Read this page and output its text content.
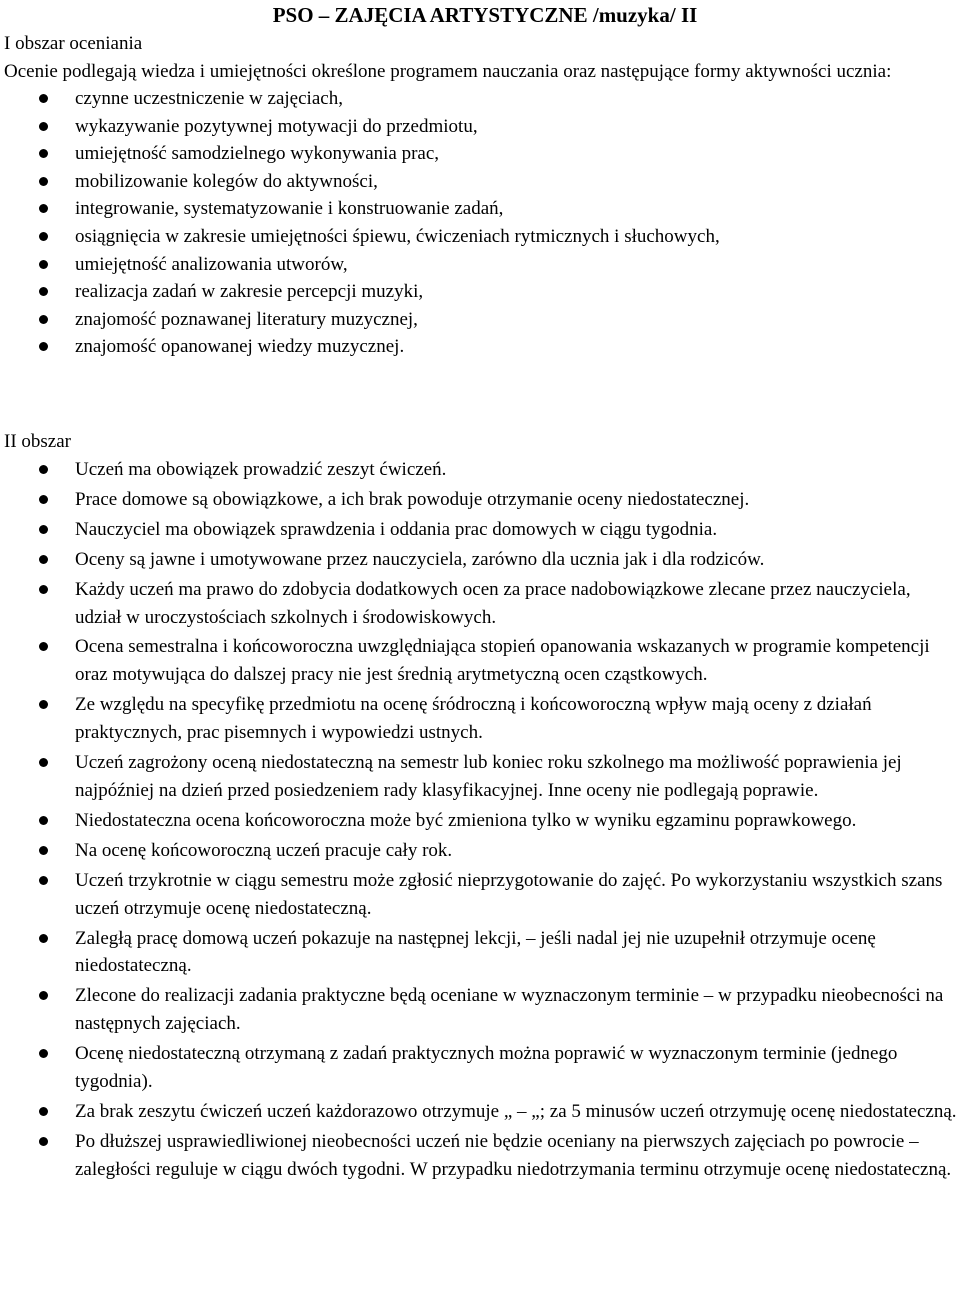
PSO – ZAJĘCIA ARTYSTYCZNE /muzyka/ II

I obszar oceniania

Ocenie podlegają wiedza i umiejętności określone programem nauczania oraz następujące formy aktywności ucznia:

czynne uczestniczenie w zajęciach,
wykazywanie pozytywnej motywacji do przedmiotu,
umiejętność samodzielnego wykonywania prac,
mobilizowanie kolegów do aktywności,
integrowanie, systematyzowanie i konstruowanie zadań,
osiągnięcia w zakresie umiejętności śpiewu, ćwiczeniach rytmicznych i słuchowych,
umiejętność analizowania utworów,
realizacja zadań w zakresie percepcji muzyki,
znajomość poznawanej literatury muzycznej,
znajomość opanowanej wiedzy muzycznej.

II obszar

Uczeń ma obowiązek prowadzić zeszyt ćwiczeń.
Prace domowe są obowiązkowe, a ich brak powoduje otrzymanie oceny niedostatecznej.
Nauczyciel ma obowiązek sprawdzenia i oddania prac domowych w ciągu tygodnia.
Oceny są jawne i umotywowane przez nauczyciela, zarówno dla ucznia jak i dla rodziców.
Każdy uczeń ma prawo do zdobycia dodatkowych ocen za prace nadobowiązkowe zlecane przez nauczyciela, udział w uroczystościach szkolnych i środowiskowych.
Ocena semestralna i końcoworoczna uwzględniająca stopień opanowania wskazanych w programie kompetencji oraz motywująca do dalszej pracy nie jest średnią arytmetyczną ocen cząstkowych.
Ze względu na specyfikę przedmiotu na ocenę śródroczną i końcoworoczną wpływ mają oceny z działań praktycznych, prac pisemnych i wypowiedzi ustnych.
Uczeń zagrożony oceną niedostateczną na semestr lub koniec roku szkolnego ma możliwość poprawienia jej najpóźniej na dzień przed posiedzeniem rady klasyfikacyjnej. Inne oceny nie podlegają poprawie.
Niedostateczna ocena końcoworoczna może być zmieniona tylko w wyniku egzaminu poprawkowego.
Na ocenę końcoworoczną uczeń pracuje cały rok.
Uczeń trzykrotnie w ciągu semestru może zgłosić nieprzygotowanie do zajęć. Po wykorzystaniu wszystkich szans uczeń otrzymuje ocenę niedostateczną.
Zaległą pracę domową uczeń pokazuje na następnej lekcji, – jeśli nadal jej nie uzupełnił otrzymuje ocenę niedostateczną.
Zlecone do realizacji zadania praktyczne będą oceniane w wyznaczonym terminie – w przypadku nieobecności na następnych zajęciach.
Ocenę niedostateczną otrzymaną z zadań praktycznych można poprawić w wyznaczonym terminie (jednego tygodnia).
Za brak zeszytu ćwiczeń uczeń każdorazowo otrzymuje „ – „; za 5 minusów uczeń otrzymuję ocenę niedostateczną.
Po dłuższej usprawiedliwionej nieobecności uczeń nie będzie oceniany na pierwszych zajęciach po powrocie – zaległości reguluje w ciągu dwóch tygodni. W przypadku niedotrzymania terminu otrzymuje ocenę niedostateczną.
